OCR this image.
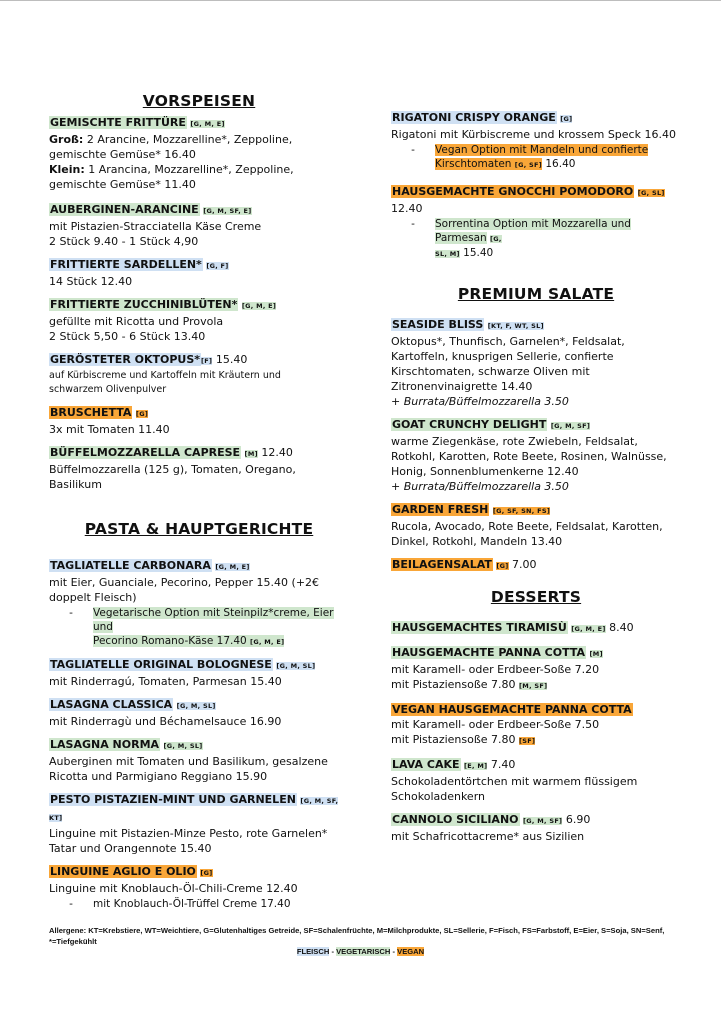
VORSPEISEN
GEMISCHTE FRITTÜRE [G, M, E]
Groß: 2 Arancine, Mozzarelline*, Zeppoline,
gemischte Gemüse* 16.40
Klein: 1 Arancina, Mozzarelline*, Zeppoline,
gemischte Gemüse* 11.40
AUBERGINEN-ARANCINE [G, M, SF, E]
mit Pistazien-Stracciatella Käse Creme
2 Stück 9.40 - 1 Stück 4,90
FRITTIERTE SARDELLEN* [G, F]
14 Stück 12.40
FRITTIERTE ZUCCHINIBLÜTEN* [G, M, E]
gefüllte mit Ricotta und Provola
2 Stück 5,50 - 6 Stück 13.40
GERÖSTETER OKTOPUS*[F] 15.40
auf Kürbiscreme und Kartoffeln mit Kräutern und
schwarzem Olivenpulver
BRUSCHETTA [G]
3x mit Tomaten 11.40
BÜFFELMOZZARELLA CAPRESE [M] 12.40
Büffelmozzarella (125 g), Tomaten, Oregano,
Basilikum
PASTA & HAUPTGERICHTE
TAGLIATELLE CARBONARA [G, M, E]
mit Eier, Guanciale, Pecorino, Pepper 15.40 (+2€
doppelt Fleisch)
-	Vegetarische Option mit Steinpilz*creme, Eier und
Pecorino Romano-Käse 17.40 [G, M, E]
TAGLIATELLE ORIGINAL BOLOGNESE [G, M, SL]
mit Rinderragú, Tomaten, Parmesan 15.40
LASAGNA CLASSICA [G, M, SL]
mit Rinderragù und Béchamelsauce 16.90
LASAGNA NORMA [G, M, SL]
Auberginen mit Tomaten und Basilikum, gesalzene
Ricotta und Parmigiano Reggiano 15.90
PESTO PISTAZIEN-MINT UND GARNELEN [G, M, SF, KT]
Linguine mit Pistazien-Minze Pesto, rote Garnelen*
Tatar und Orangennote 15.40
LINGUINE AGLIO E OLIO [G]
Linguine mit Knoblauch-Öl-Chili-Creme 12.40
-	mit Knoblauch-Öl-Trüffel Creme 17.40
RIGATONI CRISPY ORANGE [G]
Rigatoni mit Kürbiscreme und krossem Speck 16.40
-	Vegan Option mit Mandeln und confierte
Kirschtomaten [G, SF] 16.40
HAUSGEMACHTE GNOCCHI POMODORO [G, SL] 12.40
-	Sorrentina Option mit Mozzarella und Parmesan [G,
SL, M] 15.40
PREMIUM SALATE
SEASIDE BLISS [KT, F, WT, SL]
Oktopus*, Thunfisch, Garnelen*, Feldsalat,
Kartoffeln, knusprigen Sellerie, confierte
Kirschtomaten, schwarze Oliven mit
Zitronenvinaigrette 14.40
+ Burrata/Büffelmozzarella 3.50
GOAT CRUNCHY DELIGHT [G, M, SF]
warme Ziegenkäse, rote Zwiebeln, Feldsalat,
Rotkohl, Karotten, Rote Beete, Rosinen, Walnüsse,
Honig, Sonnenblumenkerne 12.40
+ Burrata/Büffelmozzarella 3.50
GARDEN FRESH [G, SF, SN, FS]
Rucola, Avocado, Rote Beete, Feldsalat, Karotten,
Dinkel, Rotkohl, Mandeln 13.40
BEILAGENSALAT [G] 7.00
DESSERTS
HAUSGEMACHTES TIRAMISÙ [G, M, E] 8.40
HAUSGEMACHTE PANNA COTTA [M]
mit Karamell- oder Erdbeer-Soße 7.20
mit Pistaziensoße 7.80 [M, SF]
VEGAN HAUSGEMACHTE PANNA COTTA
mit Karamell- oder Erdbeer-Soße 7.50
mit Pistaziensoße 7.80 [SF]
LAVA CAKE [E, M] 7.40
Schokoladentörtchen mit warmem flüssigem
Schokoladenkern
CANNOLO SICILIANO [G, M, SF] 6.90
mit Schafricottacreme* aus Sizilien
Allergene: KT=Krebstiere, WT=Weichtiere, G=Glutenhaltiges Getreide, SF=Schalenfrüchte, M=Milchprodukte, SL=Sellerie, F=Fisch, FS=Farbstoff, E=Eier, S=Soja, SN=Senf, *=Tiefgekühlt
FLEISCH - VEGETARISCH - VEGAN
